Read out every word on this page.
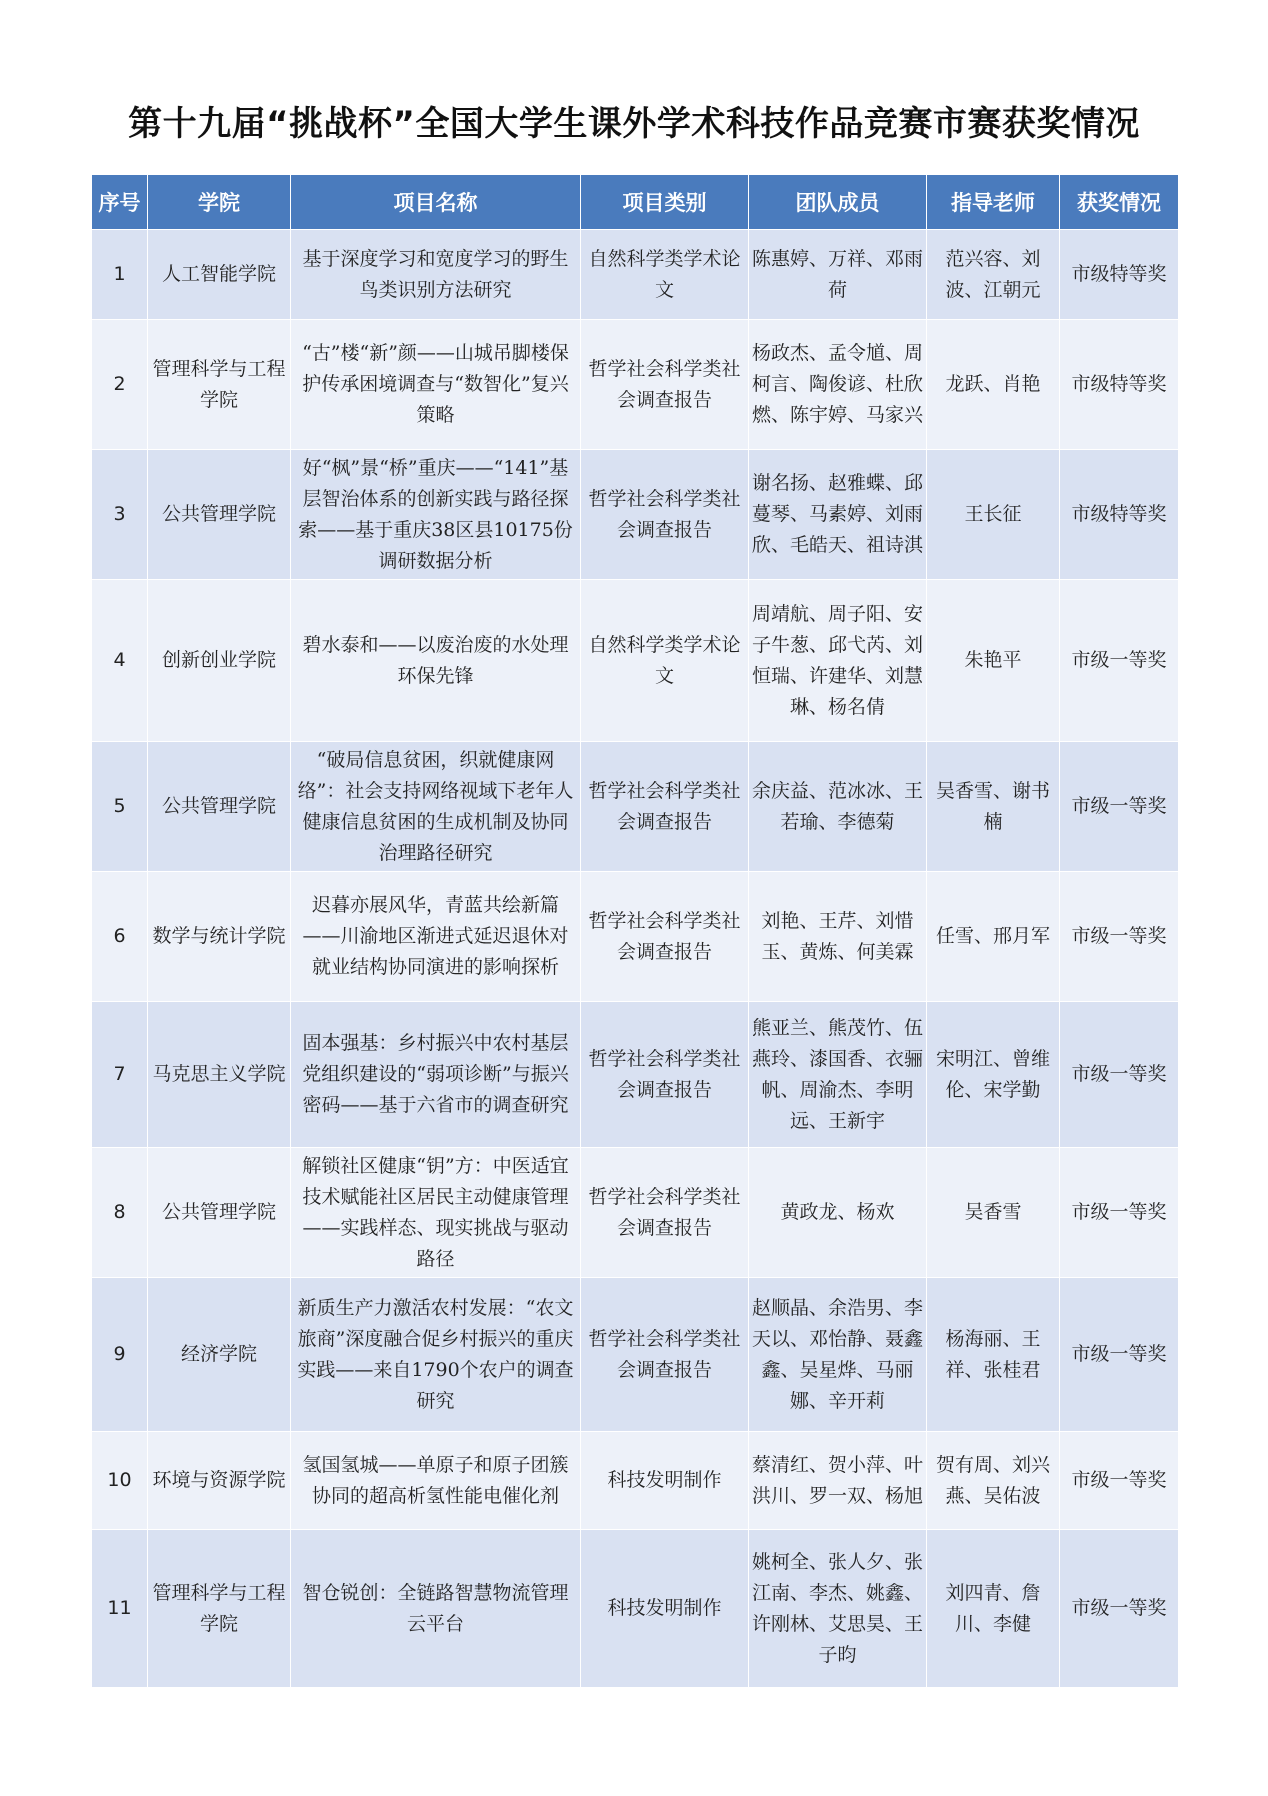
第十九届“挑战杯”全国大学生课外学术科技作品竞赛市赛获奖情况
序号	学院	项目名称	项目类别	团队成员	指导老师	获奖情况
1	人工智能学院	基于深度学习和宽度学习的野生鸟类识别方法研究	自然科学类学术论文	陈惠婷、万祥、邓雨荷	范兴容、刘波、江朝元	市级特等奖
2	管理科学与工程学院	“古”楼“新”颜——山城吊脚楼保护传承困境调查与“数智化”复兴策略	哲学社会科学类社会调查报告	杨政杰、孟令馗、周柯言、陶俊谚、杜欣燃、陈宇婷、马家兴	龙跃、肖艳	市级特等奖
3	公共管理学院	好“枫”景“桥”重庆——“141”基层智治体系的创新实践与路径探索——基于重庆38区县10175份调研数据分析	哲学社会科学类社会调查报告	谢名扬、赵雅蝶、邱蔓琴、马素婷、刘雨欣、毛皓天、祖诗淇	王长征	市级特等奖
4	创新创业学院	碧水泰和——以废治废的水处理环保先锋	自然科学类学术论文	周靖航、周子阳、安子牛葱、邱弋芮、刘恒瑞、许建华、刘慧琳、杨名倩	朱艳平	市级一等奖
5	公共管理学院	“破局信息贫困，织就健康网络”：社会支持网络视域下老年人健康信息贫困的生成机制及协同治理路径研究	哲学社会科学类社会调查报告	余庆益、范冰冰、王若瑜、李德菊	吴香雪、谢书楠	市级一等奖
6	数学与统计学院	迟暮亦展风华，青蓝共绘新篇——川渝地区渐进式延迟退休对就业结构协同演进的影响探析	哲学社会科学类社会调查报告	刘艳、王芹、刘惜玉、黄炼、何美霖	任雪、邢月军	市级一等奖
7	马克思主义学院	固本强基：乡村振兴中农村基层党组织建设的“弱项诊断”与振兴密码——基于六省市的调查研究	哲学社会科学类社会调查报告	熊亚兰、熊茂竹、伍燕玲、漆国香、衣骊帆、周渝杰、李明远、王新宇	宋明江、曾维伦、宋学勤	市级一等奖
8	公共管理学院	解锁社区健康“钥”方：中医适宜技术赋能社区居民主动健康管理——实践样态、现实挑战与驱动路径	哲学社会科学类社会调查报告	黄政龙、杨欢	吴香雪	市级一等奖
9	经济学院	新质生产力激活农村发展：“农文旅商”深度融合促乡村振兴的重庆实践——来自1790个农户的调查研究	哲学社会科学类社会调查报告	赵顺晶、余浩男、李天以、邓怡静、聂鑫鑫、吴星烨、马丽娜、辛开莉	杨海丽、王祥、张桂君	市级一等奖
10	环境与资源学院	氢国氢城——单原子和原子团簇协同的超高析氢性能电催化剂	科技发明制作	蔡清红、贺小萍、叶洪川、罗一双、杨旭	贺有周、刘兴燕、吴佑波	市级一等奖
11	管理科学与工程学院	智仓锐创：全链路智慧物流管理云平台	科技发明制作	姚柯全、张人夕、张江南、李杰、姚鑫、许刚林、艾思昊、王子昀	刘四青、詹川、李健	市级一等奖
